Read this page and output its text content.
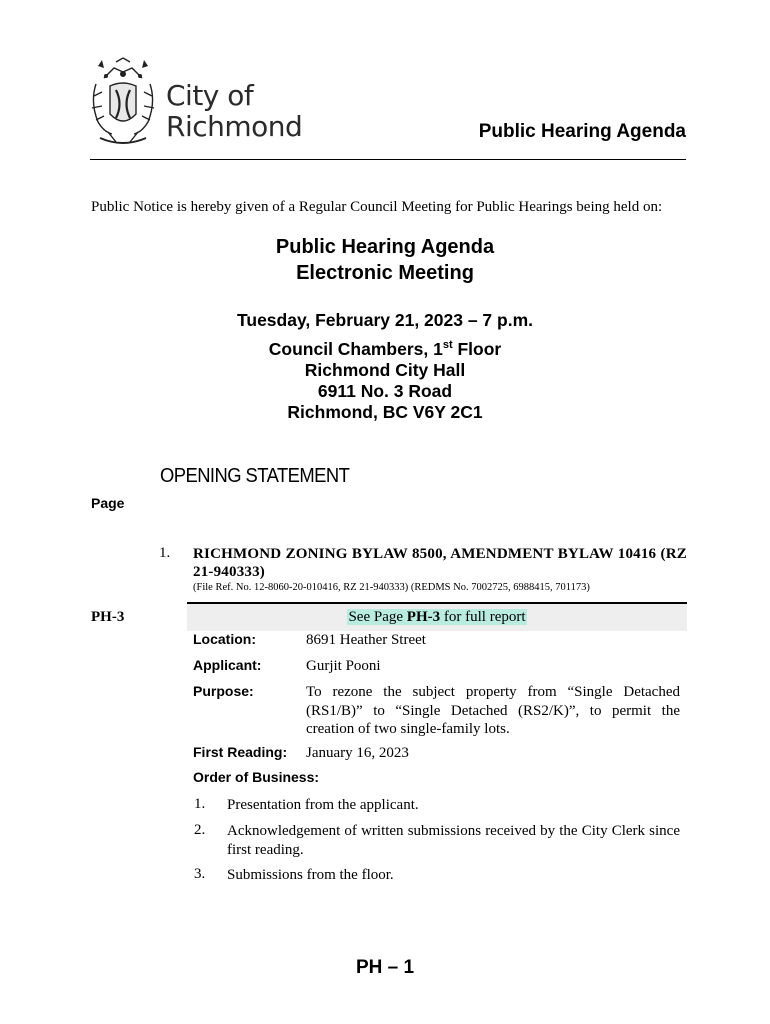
City of
Richmond	Public Hearing Agenda
Public Notice is hereby given of a Regular Council Meeting for Public Hearings being held on:
Public Hearing Agenda
Electronic Meeting
Tuesday, February 21, 2023 – 7 p.m.
Council Chambers, 1st Floor
Richmond City Hall
6911 No. 3 Road
Richmond, BC V6Y 2C1
OPENING STATEMENT
Page
1. RICHMOND ZONING BYLAW 8500, AMENDMENT BYLAW 10416 (RZ 21-940333)
(File Ref. No. 12-8060-20-010416, RZ 21-940333) (REDMS No. 7002725, 6988415, 701173)
PH-3	See Page PH-3 for full report
Location:	8691 Heather Street
Applicant:	Gurjit Pooni
Purpose:	To rezone the subject property from “Single Detached (RS1/B)” to “Single Detached (RS2/K)”, to permit the creation of two single-family lots.
First Reading: January 16, 2023
Order of Business:
1. Presentation from the applicant.
2. Acknowledgement of written submissions received by the City Clerk since first reading.
3. Submissions from the floor.
PH – 1
